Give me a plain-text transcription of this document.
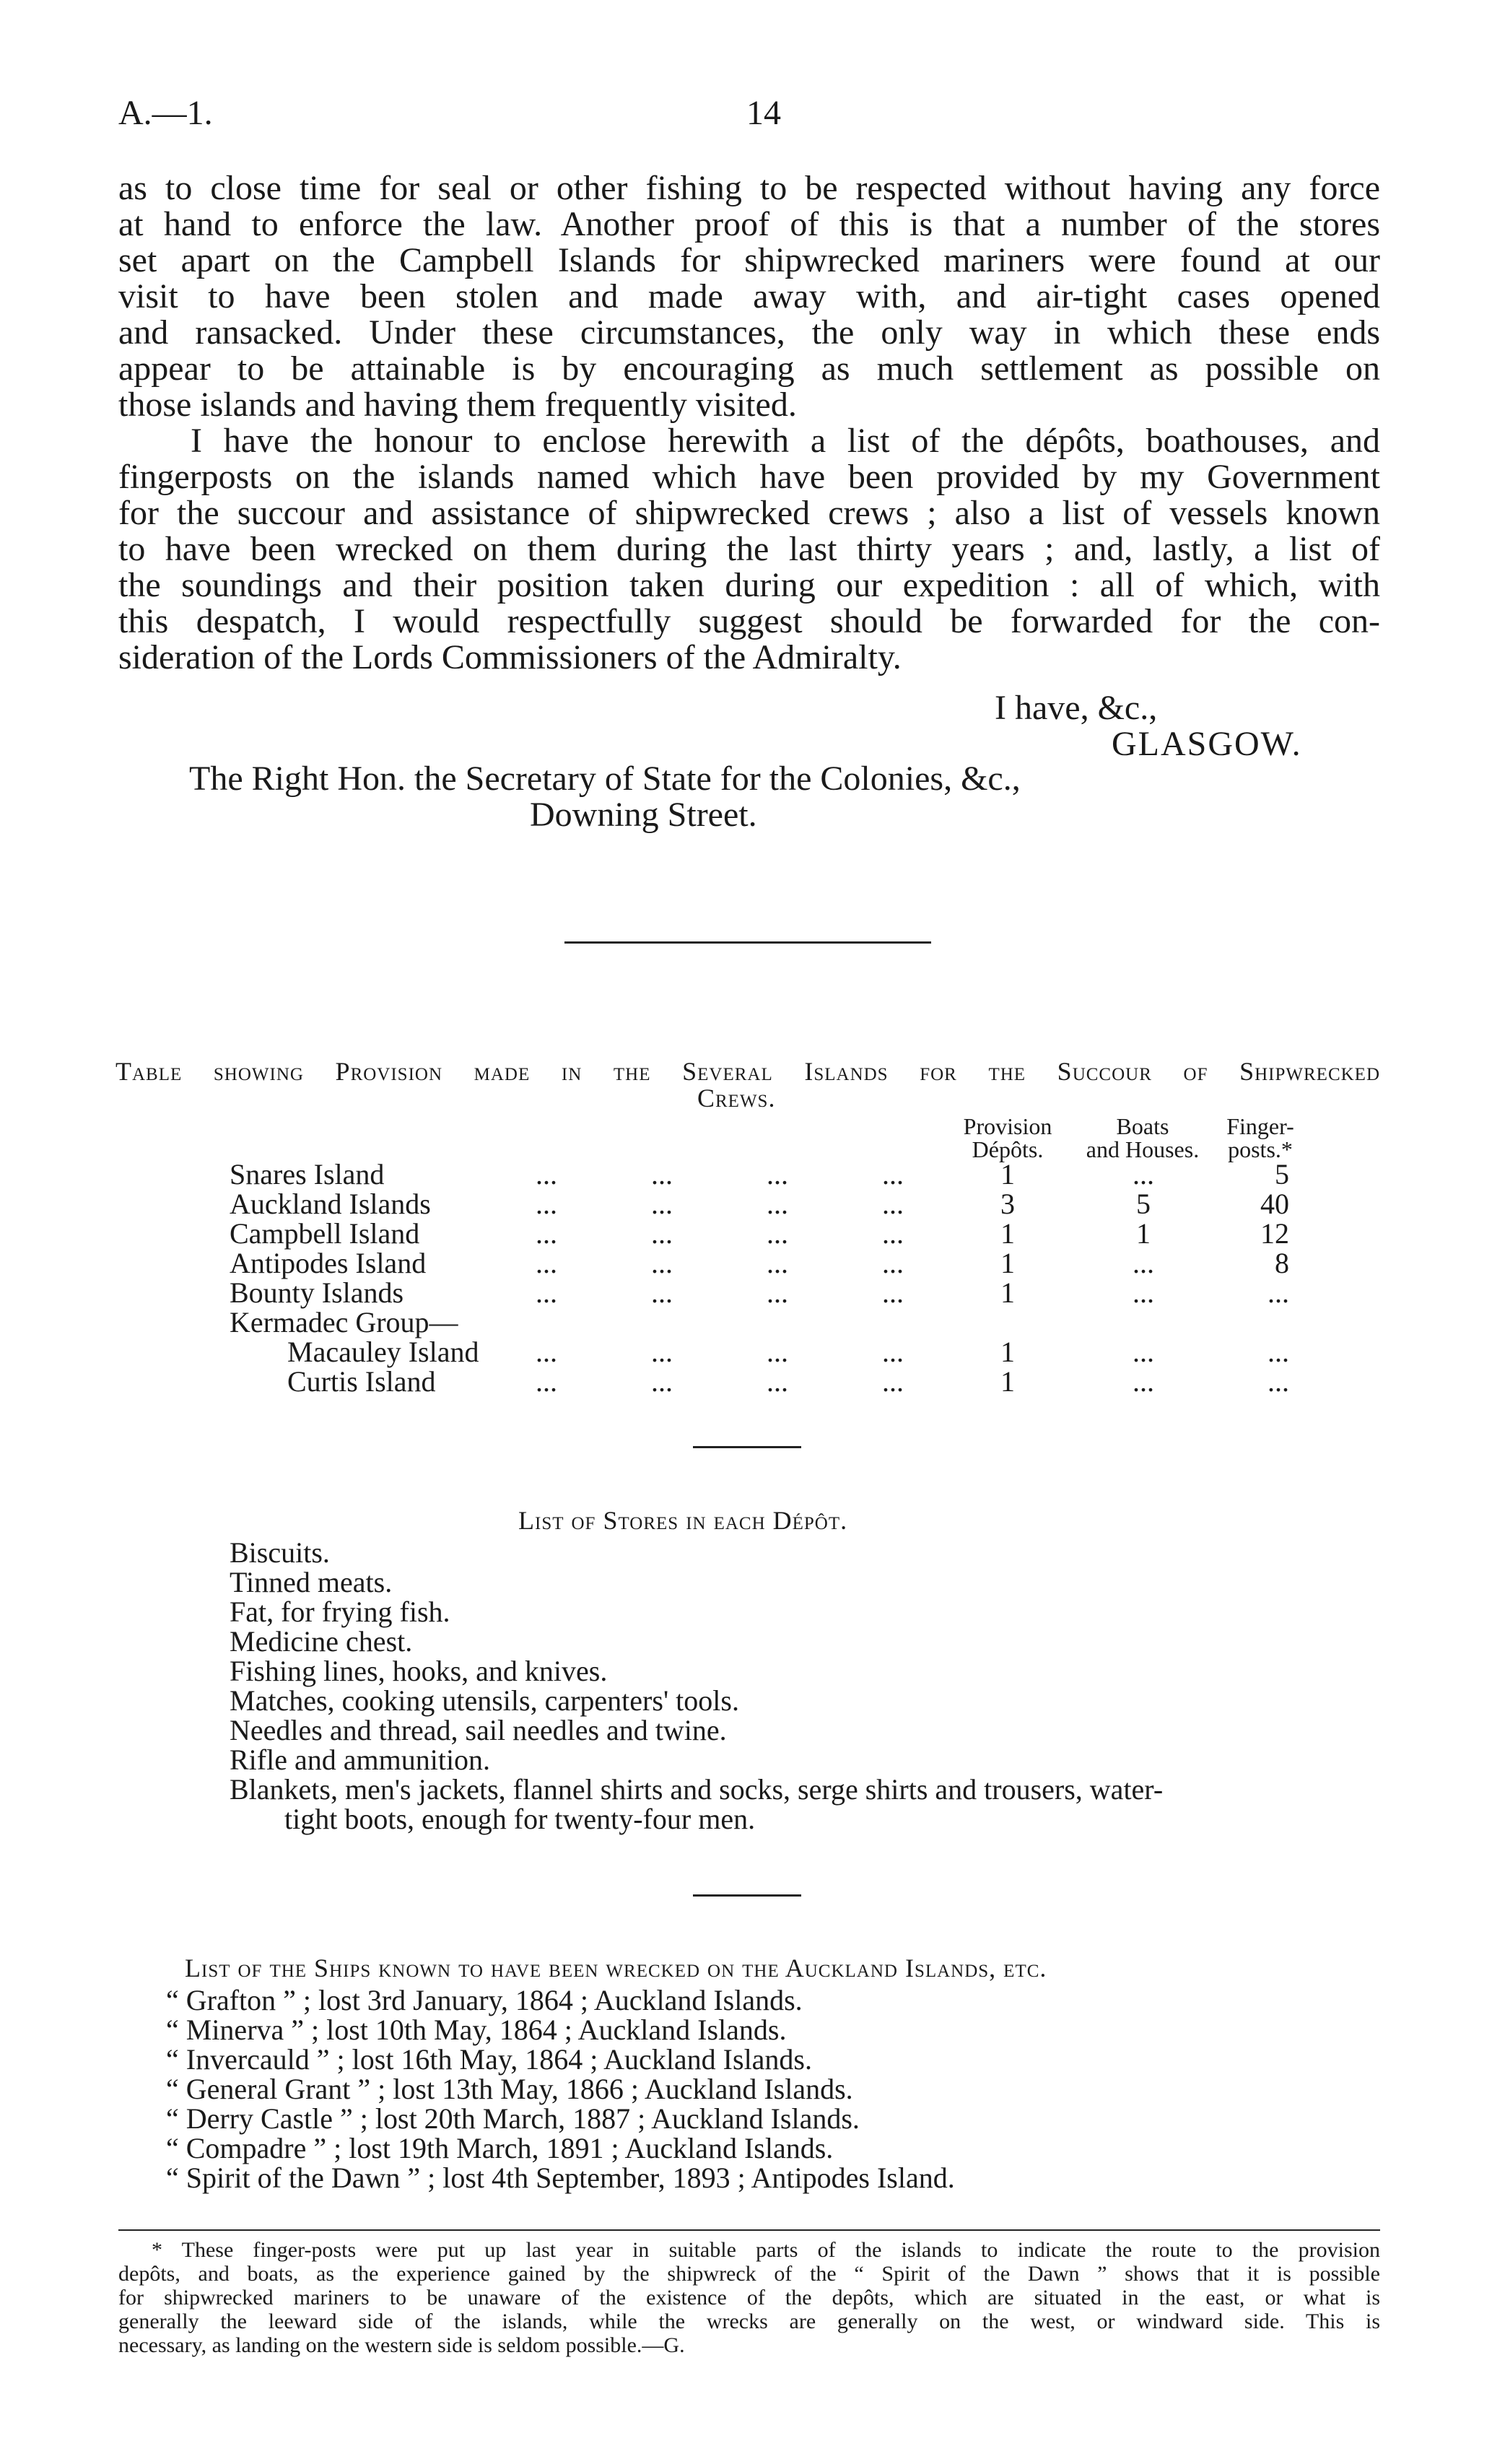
A.—1.	14
as to close time for seal or other fishing to be respected without having any force
at hand to enforce the law. Another proof of this is that a number of the stores
set apart on the Campbell Islands for shipwrecked mariners were found at our
visit to have been stolen and made away with, and air-tight cases opened
and ransacked. Under these circumstances, the only way in which these ends
appear to be attainable is by encouraging as much settlement as possible on
those islands and having them frequently visited.
I have the honour to enclose herewith a list of the dépôts, boathouses, and
fingerposts on the islands named which have been provided by my Government
for the succour and assistance of shipwrecked crews ; also a list of vessels known
to have been wrecked on them during the last thirty years ; and, lastly, a list of
the soundings and their position taken during our expedition : all of which, with
this despatch, I would respectfully suggest should be forwarded for the con-
sideration of the Lords Commissioners of the Admiralty.
I have, &c.,
GLASGOW.
The Right Hon. the Secretary of State for the Colonies, &c.,
Downing Street.
Table showing Provision made in the Several Islands for the Succour of Shipwrecked
Crews.
Provision
Dépôts.
Boats
and Houses.
Finger-
posts.*
Snares Island	...	...	...	...	1	...	5
Auckland Islands	...	...	...	...	3	5	40
Campbell Island	...	...	...	...	1	1	12
Antipodes Island	...	...	...	...	1	...	8
Bounty Islands	...	...	...	...	1	...	...
Kermadec Group—
Macauley Island ...	...	...	...	1	...	...
Curtis Island	...	...	...	...	1	...	...
List of Stores in each Dépôt.
Biscuits.
Tinned meats.
Fat, for frying fish.
Medicine chest.
Fishing lines, hooks, and knives.
Matches, cooking utensils, carpenters' tools.
Needles and thread, sail needles and twine.
Rifle and ammunition.
Blankets, men's jackets, flannel shirts and socks, serge shirts and trousers, water-
tight boots, enough for twenty-four men.
List of the Ships known to have been wrecked on the Auckland Islands, etc.
“ Grafton ” ; lost 3rd January, 1864 ; Auckland Islands.
“ Minerva ” ; lost 10th May, 1864 ; Auckland Islands.
“ Invercauld ” ; lost 16th May, 1864 ; Auckland Islands.
“ General Grant ” ; lost 13th May, 1866 ; Auckland Islands.
“ Derry Castle ” ; lost 20th March, 1887 ; Auckland Islands.
“ Compadre ” ; lost 19th March, 1891 ; Auckland Islands.
“ Spirit of the Dawn ” ; lost 4th September, 1893 ; Antipodes Island.
* These finger-posts were put up last year in suitable parts of the islands to indicate the route to the provision
depôts, and boats, as the experience gained by the shipwreck of the “ Spirit of the Dawn ” shows that it is possible
for shipwrecked mariners to be unaware of the existence of the depôts, which are situated in the east, or what is
generally the leeward side of the islands, while the wrecks are generally on the west, or windward side. This is
necessary, as landing on the western side is seldom possible.—G.
